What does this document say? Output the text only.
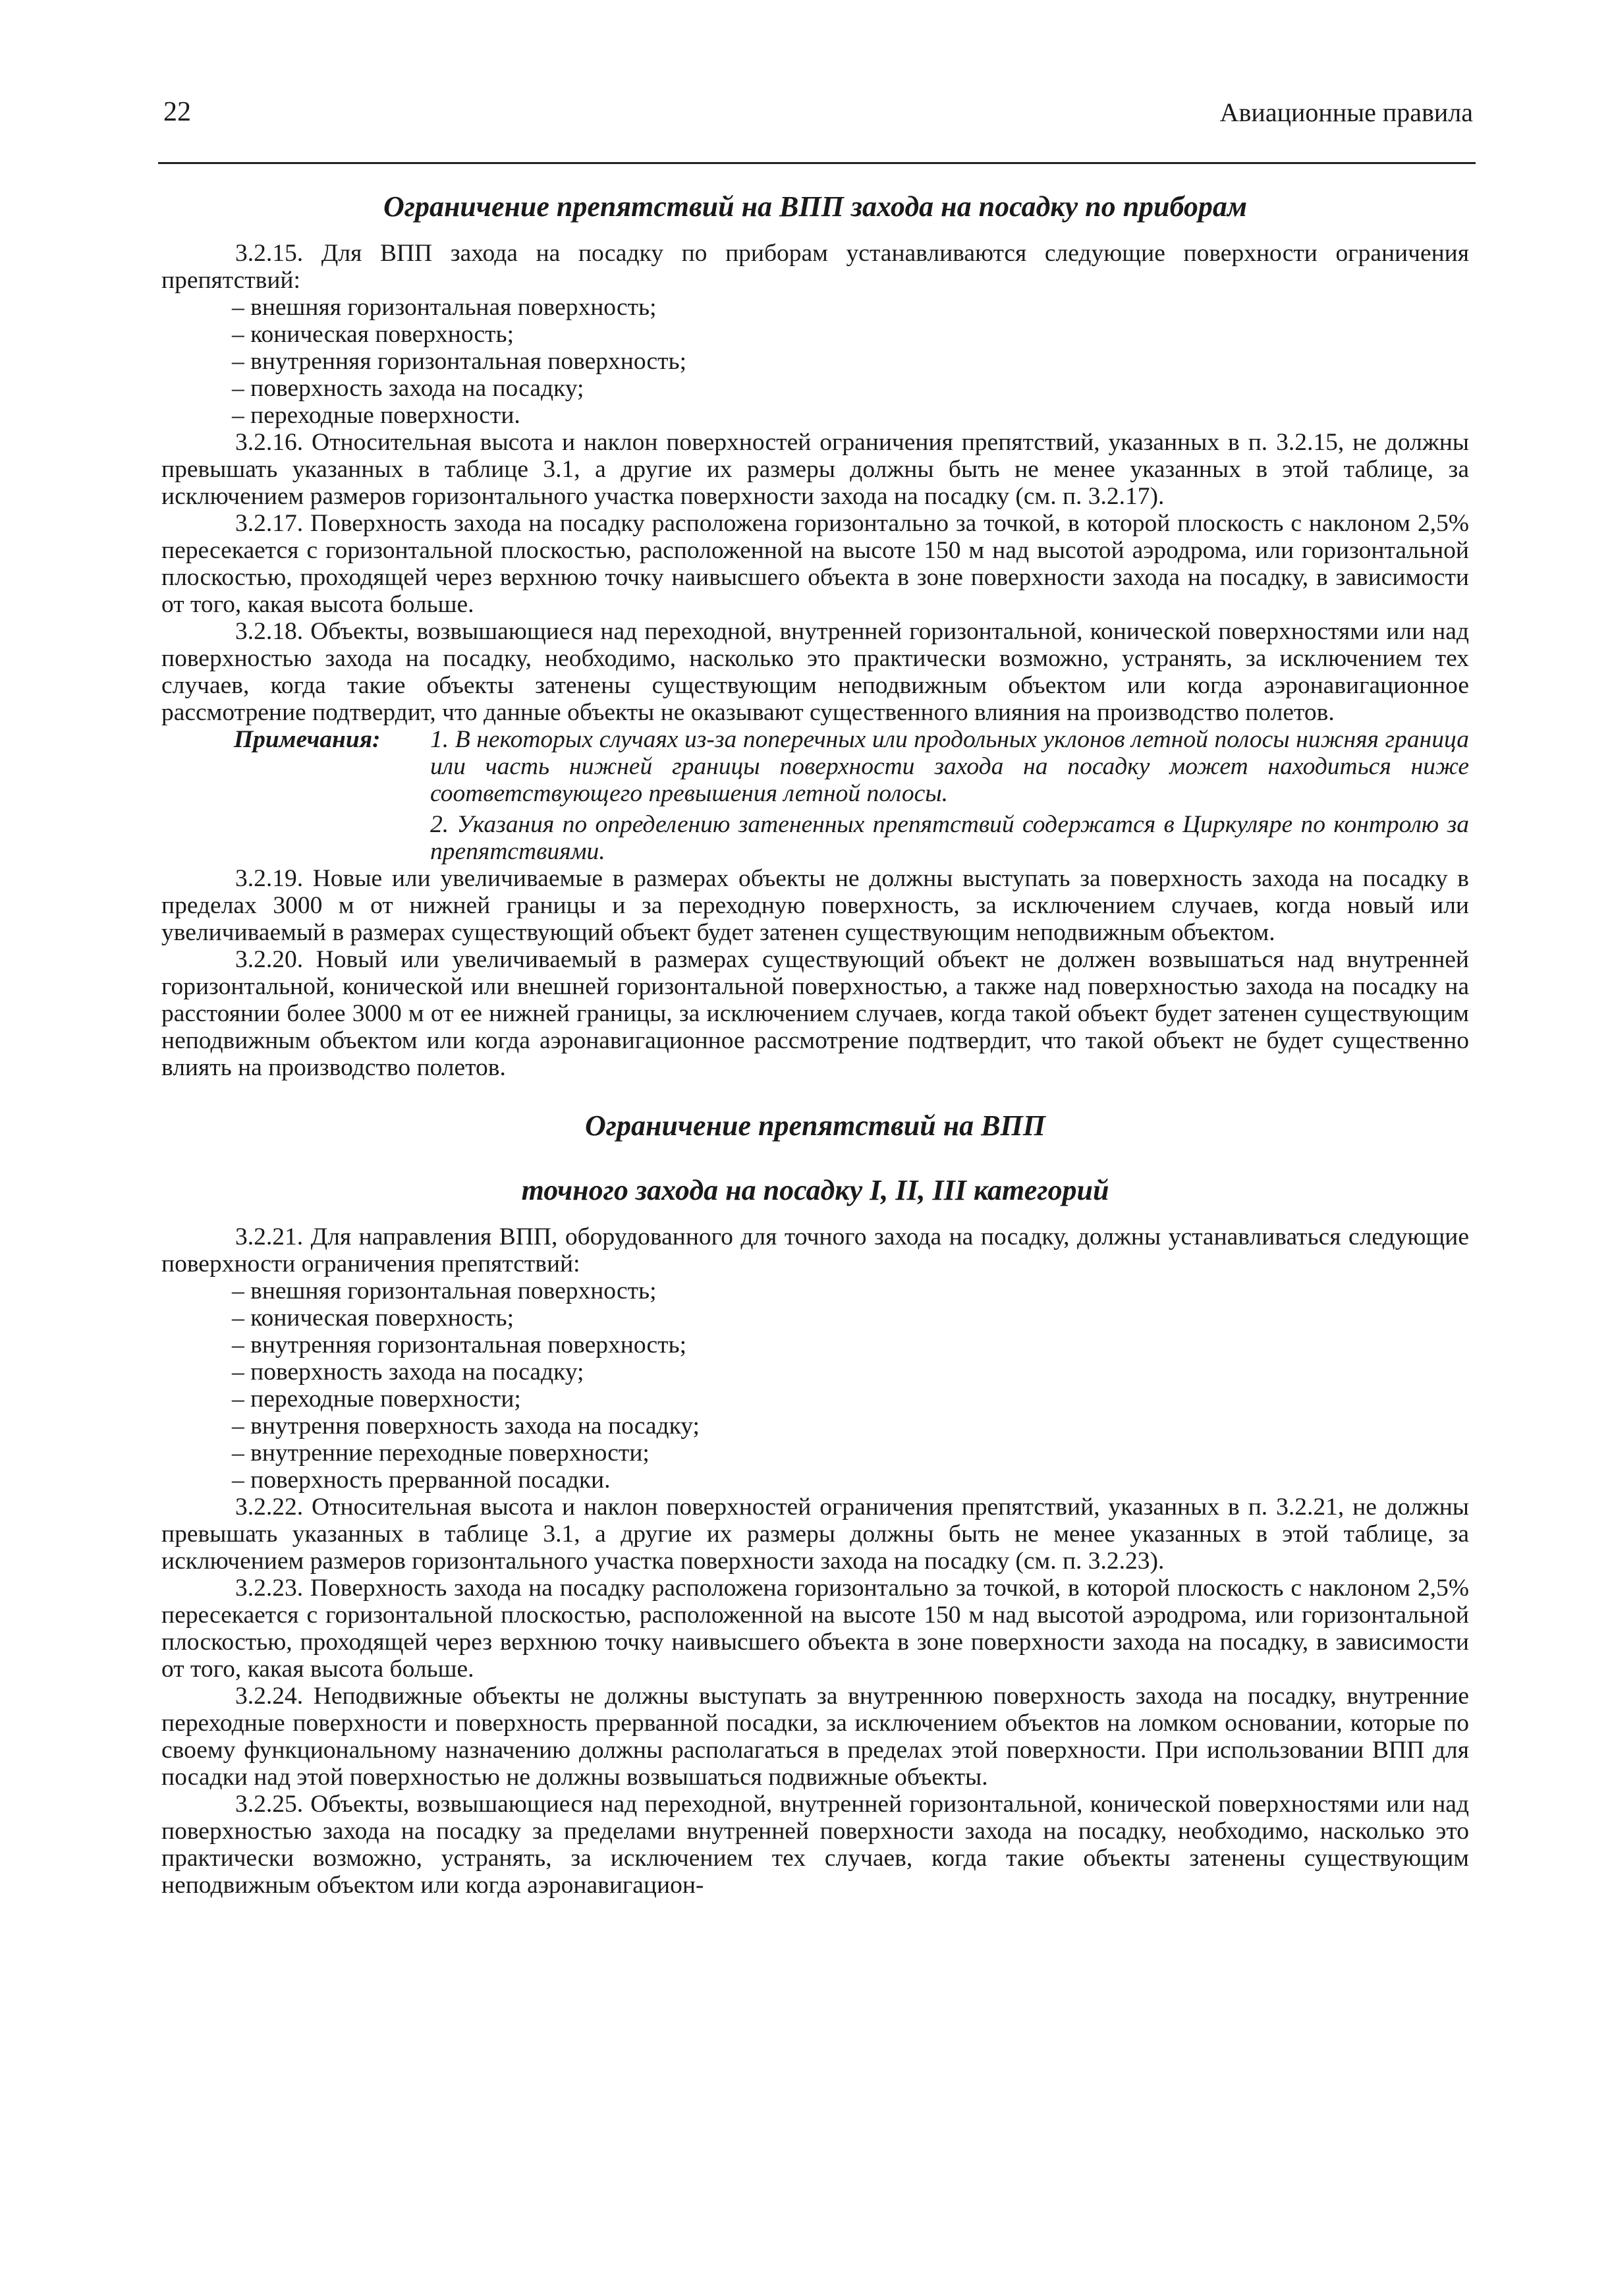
22	Авиационные правила
Ограничение препятствий на ВПП захода на посадку по приборам

3.2.15. Для ВПП захода на посадку по приборам устанавливаются следующие поверхности ограничения препятствий:

– внешняя горизонтальная поверхность;
– коническая поверхность;
– внутренняя горизонтальная поверхность;
– поверхность захода на посадку;
– переходные поверхности.

3.2.16. Относительная высота и наклон поверхностей ограничения препятствий, указанных в п. 3.2.15, не должны превышать указанных в таблице 3.1, а другие их размеры должны быть не менее указанных в этой таблице, за исключением размеров горизонтального участка поверхности захода на посадку (см. п. 3.2.17).

3.2.17. Поверхность захода на посадку расположена горизонтально за точкой, в которой плоскость с наклоном 2,5% пересекается с горизонтальной плоскостью, расположенной на высоте 150 м над высотой аэродрома, или горизонтальной плоскостью, проходящей через верхнюю точку наивысшего объекта в зоне поверхности захода на посадку, в зависимости от того, какая высота больше.

3.2.18. Объекты, возвышающиеся над переходной, внутренней горизонтальной, конической поверхностями или над поверхностью захода на посадку, необходимо, насколько это практически возможно, устранять, за исключением тех случаев, когда такие объекты затенены существующим неподвижным объектом или когда аэронавигационное рассмотрение подтвердит, что данные объекты не оказывают существенного влияния на производство полетов.

Примечания:	1. В некоторых случаях из-за поперечных или продольных уклонов летной полосы нижняя граница или часть нижней границы поверхности захода на посадку может находиться ниже соответствующего превышения летной полосы.

2. Указания по определению затененных препятствий содержатся в Циркуляре по контролю за препятствиями.

3.2.19. Новые или увеличиваемые в размерах объекты не должны выступать за поверхность захода на посадку в пределах 3000 м от нижней границы и за переходную поверхность, за исключением случаев, когда новый или увеличиваемый в размерах существующий объект будет затенен существующим неподвижным объектом.

3.2.20. Новый или увеличиваемый в размерах существующий объект не должен возвышаться над внутренней горизонтальной, конической или внешней горизонтальной поверхностью, а также над поверхностью захода на посадку на расстоянии более 3000 м от ее нижней границы, за исключением случаев, когда такой объект будет затенен существующим неподвижным объектом или когда аэронавигационное рассмотрение подтвердит, что такой объект не будет существенно влиять на производство полетов.

Ограничение препятствий на ВПП
точного захода на посадку I, II, III категорий

3.2.21. Для направления ВПП, оборудованного для точного захода на посадку, должны устанавливаться следующие поверхности ограничения препятствий:

– внешняя горизонтальная поверхность;
– коническая поверхность;
– внутренняя горизонтальная поверхность;
– поверхность захода на посадку;
– переходные поверхности;
– внутрення поверхность захода на посадку;
– внутренние переходные поверхности;
– поверхность прерванной посадки.

3.2.22. Относительная высота и наклон поверхностей ограничения препятствий, указанных в п. 3.2.21, не должны превышать указанных в таблице 3.1, а другие их размеры должны быть не менее указанных в этой таблице, за исключением размеров горизонтального участка поверхности захода на посадку (см. п. 3.2.23).

3.2.23. Поверхность захода на посадку расположена горизонтально за точкой, в которой плоскость с наклоном 2,5% пересекается с горизонтальной плоскостью, расположенной на высоте 150 м над высотой аэродрома, или горизонтальной плоскостью, проходящей через верхнюю точку наивысшего объекта в зоне поверхности захода на посадку, в зависимости от того, какая высота больше.

3.2.24. Неподвижные объекты не должны выступать за внутреннюю поверхность захода на посадку, внутренние переходные поверхности и поверхность прерванной посадки, за исключением объектов на ломком основании, которые по своему функциональному назначению должны располагаться в пределах этой поверхности. При использовании ВПП для посадки над этой поверхностью не должны возвышаться подвижные объекты.

3.2.25. Объекты, возвышающиеся над переходной, внутренней горизонтальной, конической поверхностями или над поверхностью захода на посадку за пределами внутренней поверхности захода на посадку, необходимо, насколько это практически возможно, устранять, за исключением тех случаев, когда такие объекты затенены существующим неподвижным объектом или когда аэронавигацион-
